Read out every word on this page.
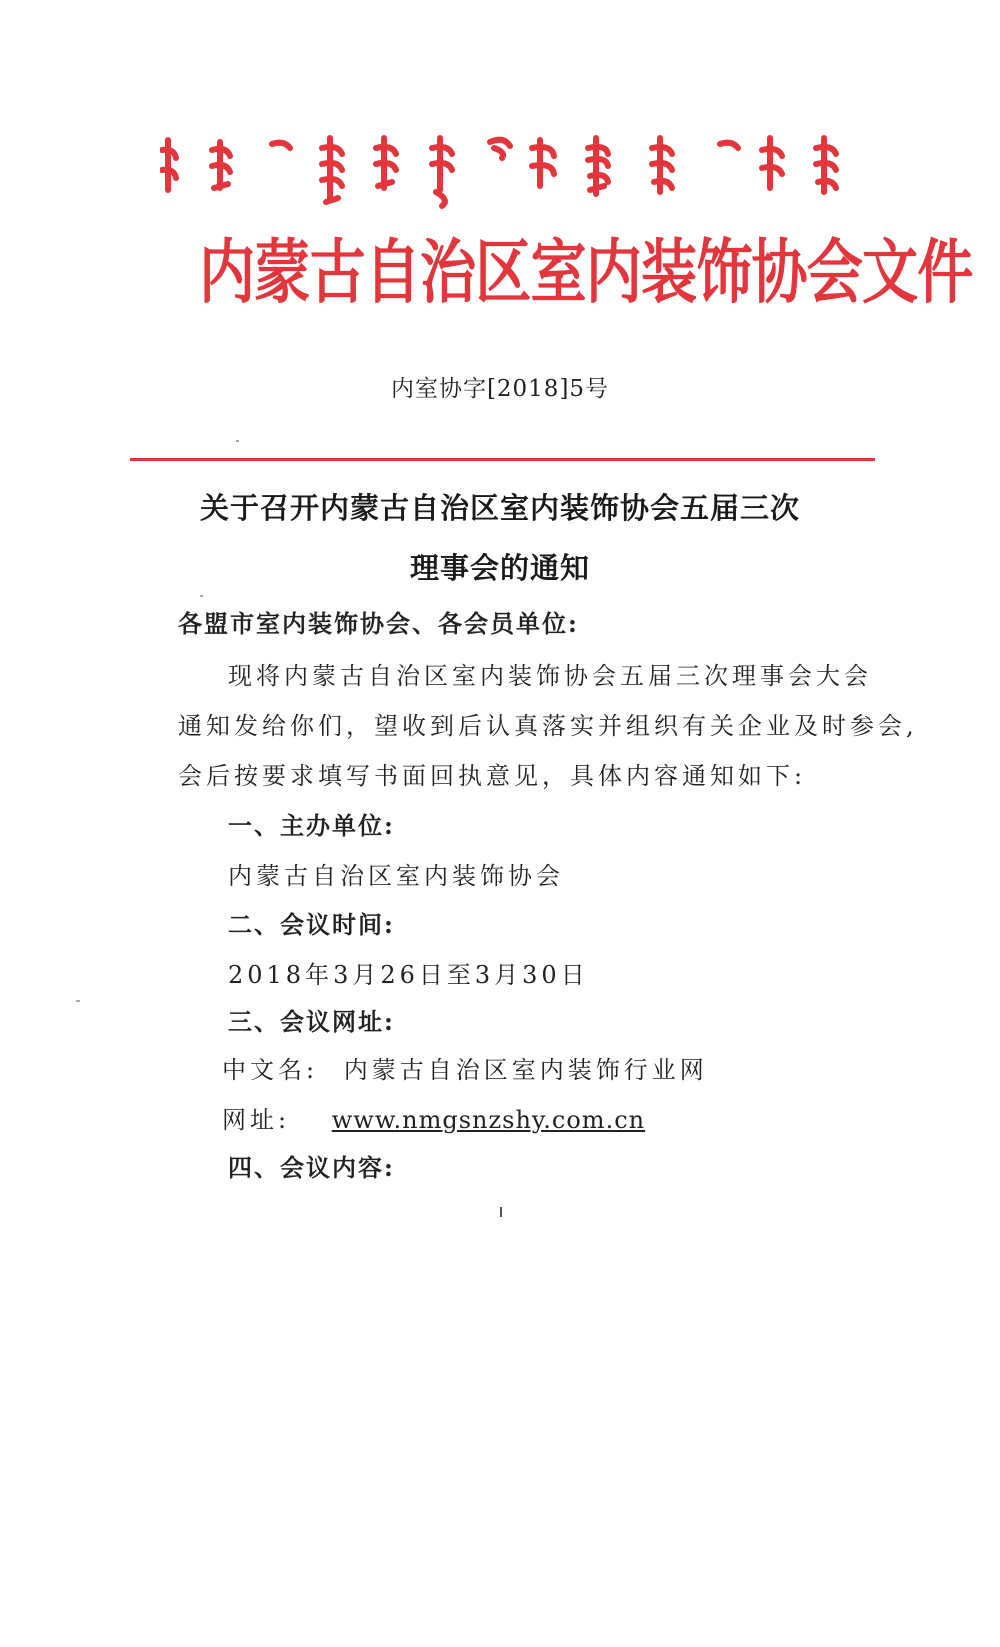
内蒙古自治区室内装饰协会文件
内室协字[2018]5号
关于召开内蒙古自治区室内装饰协会五届三次
理事会的通知
各盟市室内装饰协会、各会员单位:
现将内蒙古自治区室内装饰协会五届三次理事会大会
通知发给你们，望收到后认真落实并组织有关企业及时参会,
会后按要求填写书面回执意见，具体内容通知如下:
一、主办单位:
内蒙古自治区室内装饰协会
二、会议时间:
2018年3月26日至3月30日
三、会议网址:
中文名: 内蒙古自治区室内装饰行业网
网址: www.nmgsnzshy.com.cn
四、会议内容:
